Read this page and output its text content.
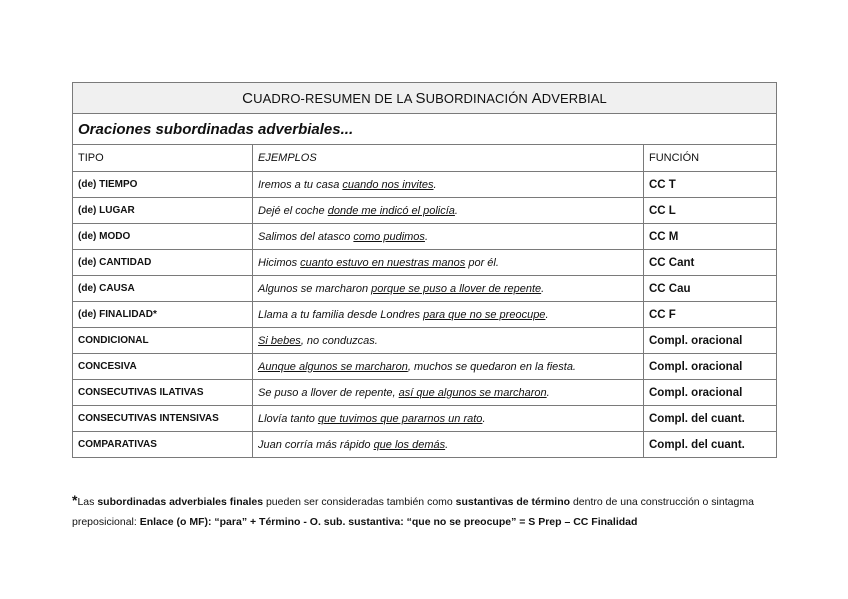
CUADRO-RESUMEN DE LA SUBORDINACIÓN ADVERBIAL		
Oraciones subordinadas adverbiales...		
TIPO	EJEMPLOS	FUNCIÓN
(de) TIEMPO	Iremos a tu casa cuando nos invites.	CC T
(de) LUGAR	Dejé el coche donde me indicó el policía.	CC L
(de) MODO	Salimos del atasco como pudimos.	CC M
(de) CANTIDAD	Hicimos cuanto estuvo en nuestras manos por él.	CC Cant
(de) CAUSA	Algunos se marcharon porque se puso a llover de repente.	CC Cau
(de) FINALIDAD*	Llama a tu familia desde Londres para que no se preocupe.	CC F
CONDICIONAL	Si bebes, no conduzcas.	Compl. oracional
CONCESIVA	Aunque algunos se marcharon, muchos se quedaron en la fiesta.	Compl. oracional
CONSECUTIVAS ILATIVAS	Se puso a llover de repente, así que algunos se marcharon.	Compl. oracional
CONSECUTIVAS INTENSIVAS	Llovía tanto que tuvimos que pararnos un rato.	Compl. del cuant.
COMPARATIVAS	Juan corría más rápido que los demás.	Compl. del cuant.
*Las subordinadas adverbiales finales pueden ser consideradas también como sustantivas de término dentro de una construcción o sintagma preposicional: Enlace (o MF): “para” + Término - O. sub. sustantiva: “que no se preocupe” = S Prep – CC Finalidad
